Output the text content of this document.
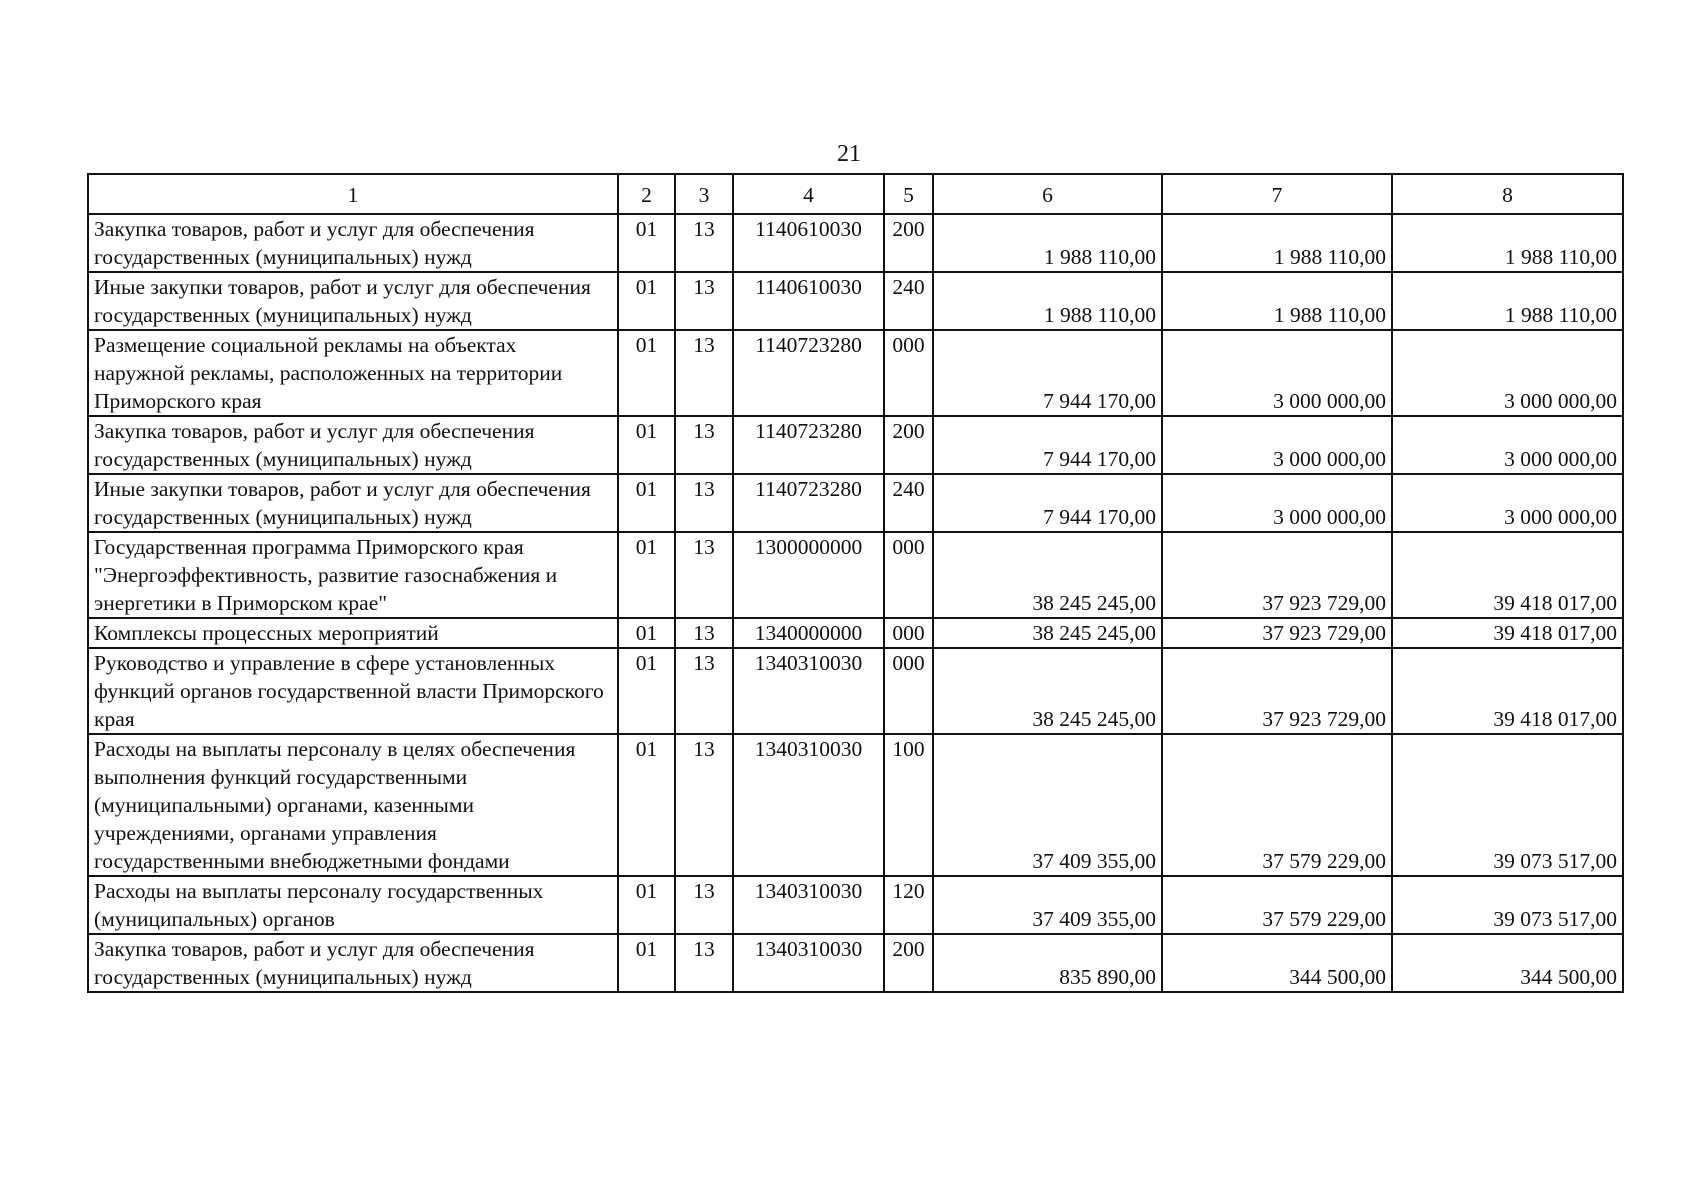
21
1	2	3	4	5	6	7	8
Закупка товаров, работ и услуг для обеспечения государственных (муниципальных) нужд	01	13	1140610030	200	1 988 110,00	1 988 110,00	1 988 110,00
Иные закупки товаров, работ и услуг для обеспечения государственных (муниципальных) нужд	01	13	1140610030	240	1 988 110,00	1 988 110,00	1 988 110,00
Размещение социальной рекламы на объектах наружной рекламы, расположенных на территории Приморского края	01	13	1140723280	000	7 944 170,00	3 000 000,00	3 000 000,00
Закупка товаров, работ и услуг для обеспечения государственных (муниципальных) нужд	01	13	1140723280	200	7 944 170,00	3 000 000,00	3 000 000,00
Иные закупки товаров, работ и услуг для обеспечения государственных (муниципальных) нужд	01	13	1140723280	240	7 944 170,00	3 000 000,00	3 000 000,00
Государственная программа Приморского края "Энергоэффективность, развитие газоснабжения и энергетики в Приморском крае"	01	13	1300000000	000	38 245 245,00	37 923 729,00	39 418 017,00
Комплексы процессных мероприятий	01	13	1340000000	000	38 245 245,00	37 923 729,00	39 418 017,00
Руководство и управление в сфере установленных функций органов государственной власти Приморского края	01	13	1340310030	000	38 245 245,00	37 923 729,00	39 418 017,00
Расходы на выплаты персоналу в целях обеспечения выполнения функций государственными (муниципальными) органами, казенными учреждениями, органами управления государственными внебюджетными фондами	01	13	1340310030	100	37 409 355,00	37 579 229,00	39 073 517,00
Расходы на выплаты персоналу государственных (муниципальных) органов	01	13	1340310030	120	37 409 355,00	37 579 229,00	39 073 517,00
Закупка товаров, работ и услуг для обеспечения государственных (муниципальных) нужд	01	13	1340310030	200	835 890,00	344 500,00	344 500,00
